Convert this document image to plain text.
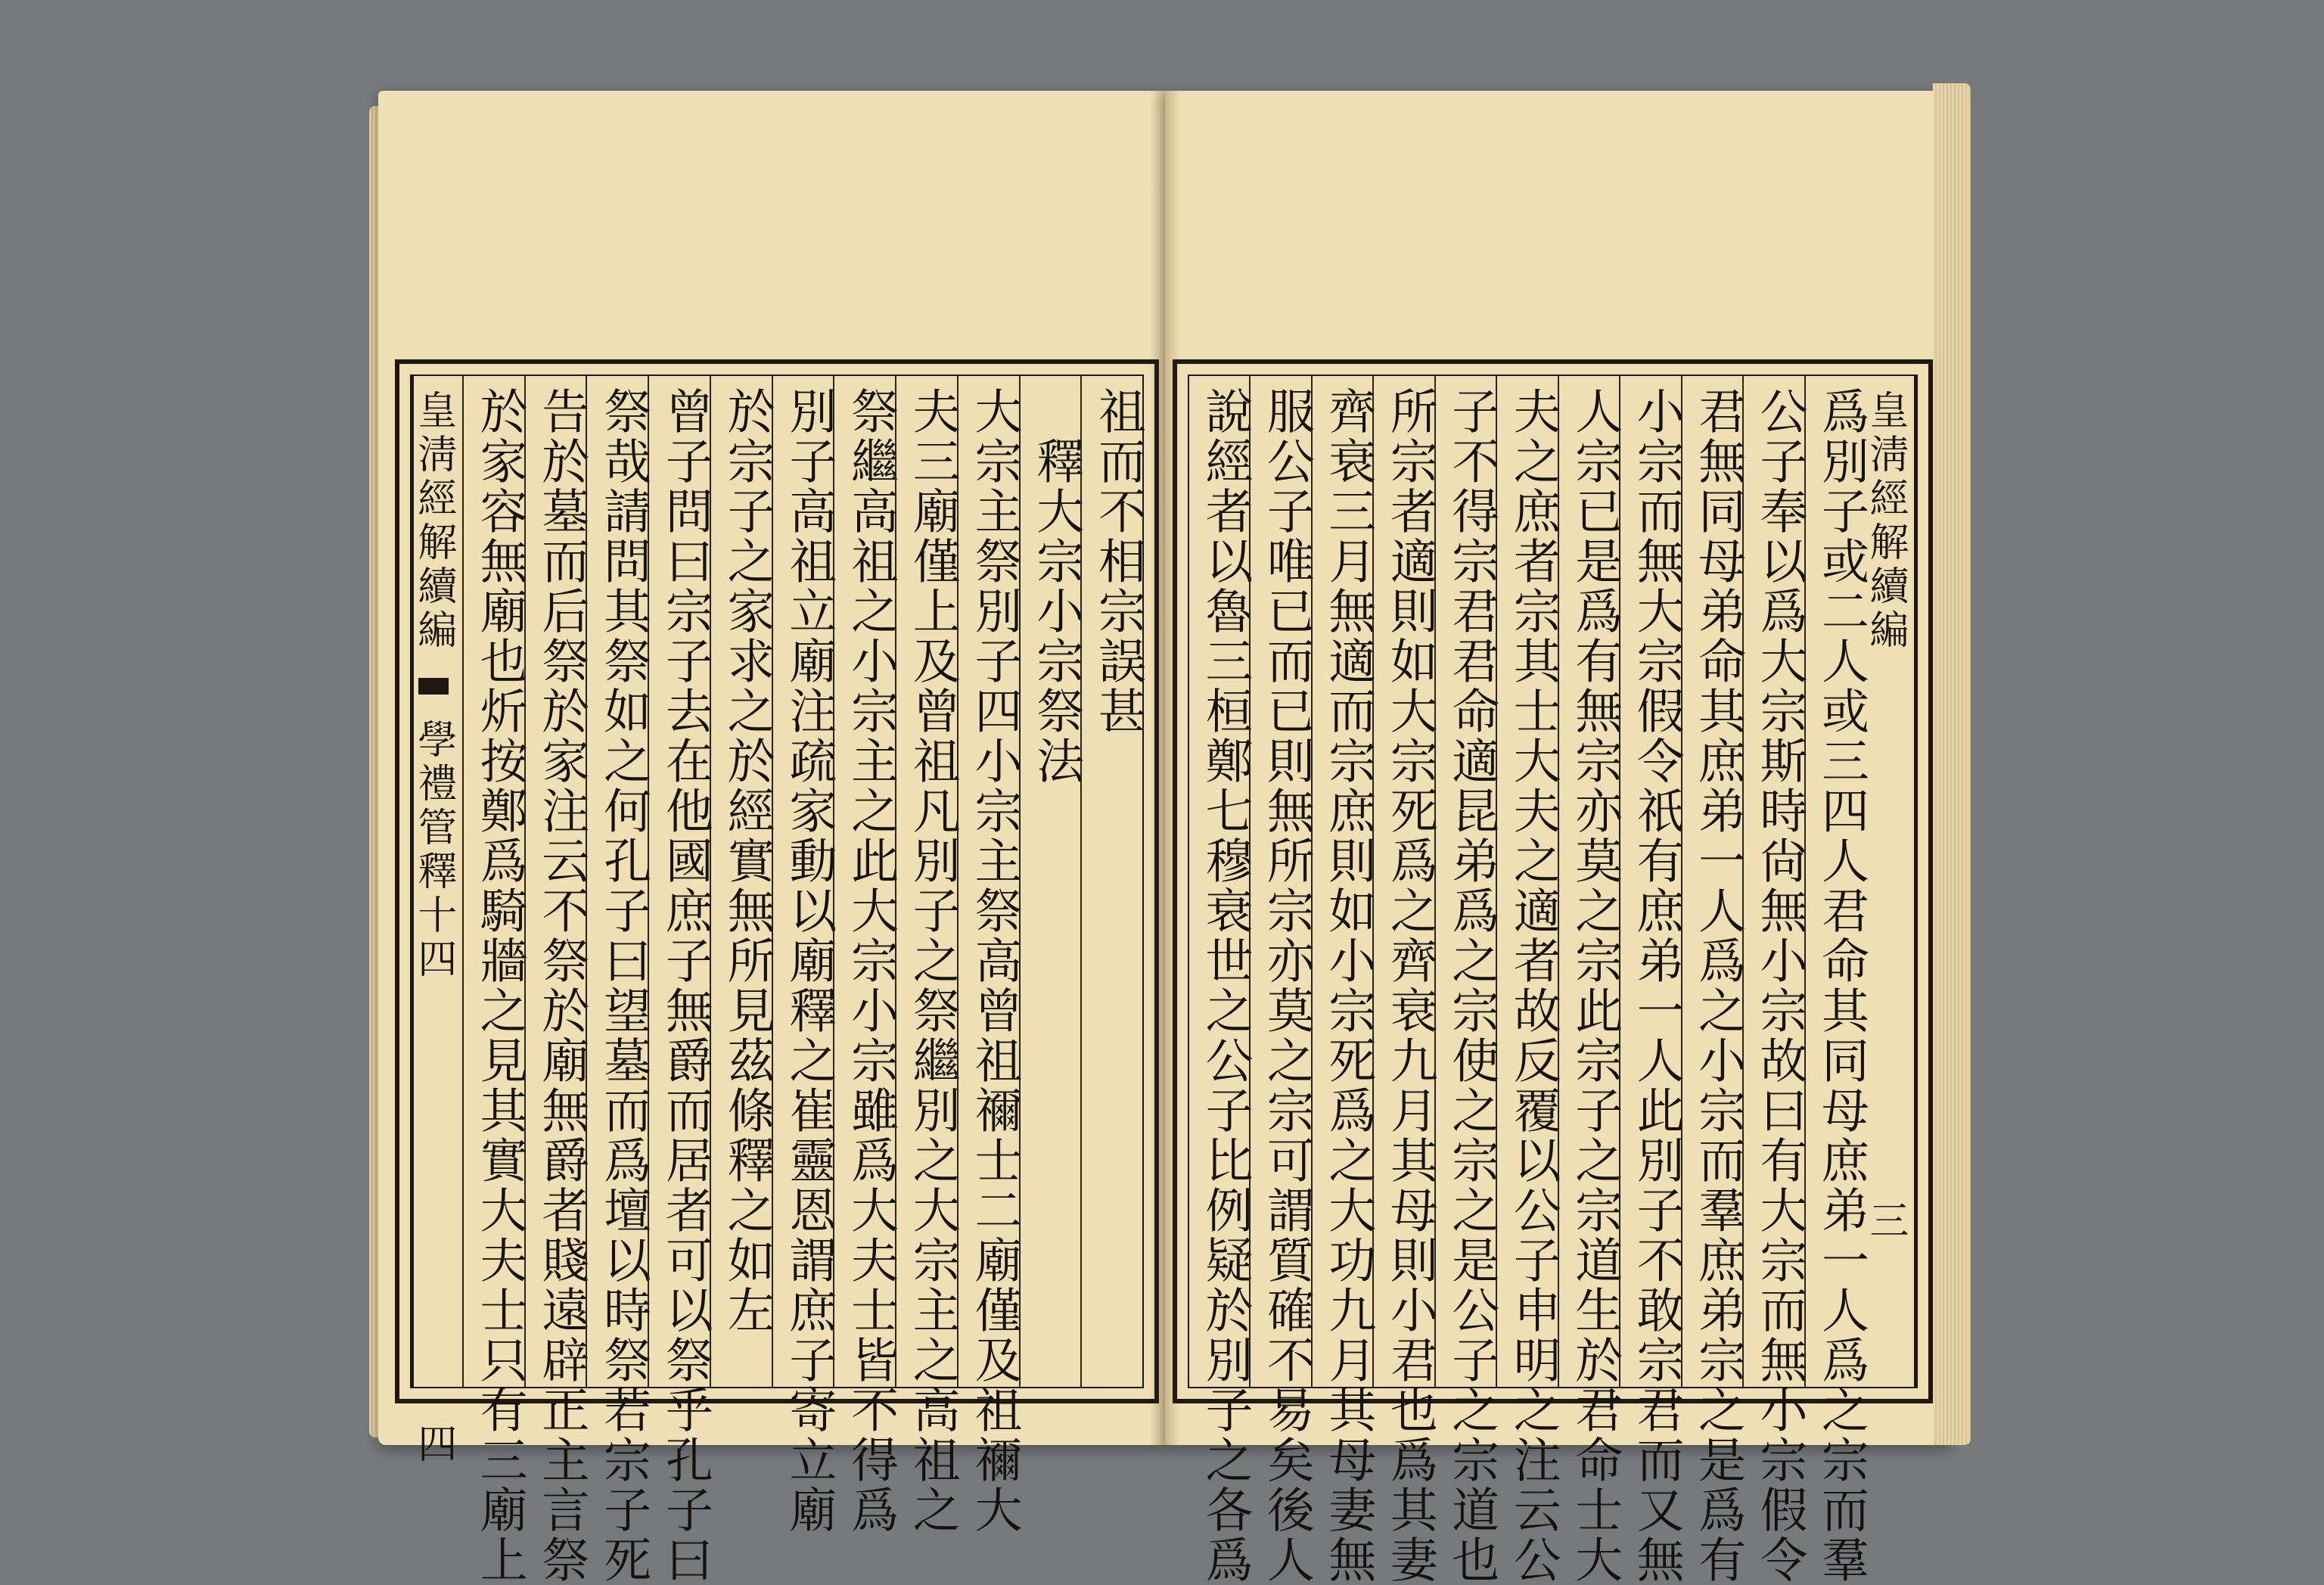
祖而不相宗誤甚
　釋大宗小宗祭法
大宗主祭別子四小宗主祭高曾祖禰士二廟僅及祖禰大
夫三廟僅上及曾祖凡別子之祭繼別之大宗主之高祖之
祭繼高祖之小宗主之此大宗小宗雖爲大夫士皆不得爲
別子高祖立廟注疏家動以廟釋之崔靈恩謂庶子寄立廟
於宗子之家求之於經實無所見茲條釋之如左
曾子問曰宗子去在他國庶子無爵而居者可以祭乎孔子曰
祭哉請問其祭如之何孔子曰望墓而爲壇以時祭若宗子死
告於墓而后祭於家注云不祭於廟無爵者賤遠辟正主言祭
於家容無廟也炘按鄭爲騎牆之見其實大夫士只有三廟上
皇淸經解續編  學禮管釋十四 四
皇淸經解續編 三
爲別子或二人或三四人君命其同母庶弟一人爲之宗而羣
公子奉以爲大宗斯時尙無小宗故曰有大宗而無小宗假令
君無同母弟命其庶弟一人爲之小宗而羣庶弟宗之是爲有
小宗而無大宗假令祇有庶弟一人此別子不敢宗君而又無
人宗已是爲有無宗亦莫之宗此宗子之宗道生於君命士大
夫之庶者宗其士大夫之適者故反覆以公子申明之注云公
子不得宗君君命適昆弟爲之宗使之宗之是公子之宗道也
所宗者適則如大宗死爲之齊衰九月其母則小君也爲其妻
齊衰三月無適而宗庶則如小宗死爲之大功九月其母妻無
服公子唯已而已則無所宗亦莫之宗可謂質確不易矣後人
說經者以魯三桓鄭七穆衰世之公子比例疑於別子之各爲
